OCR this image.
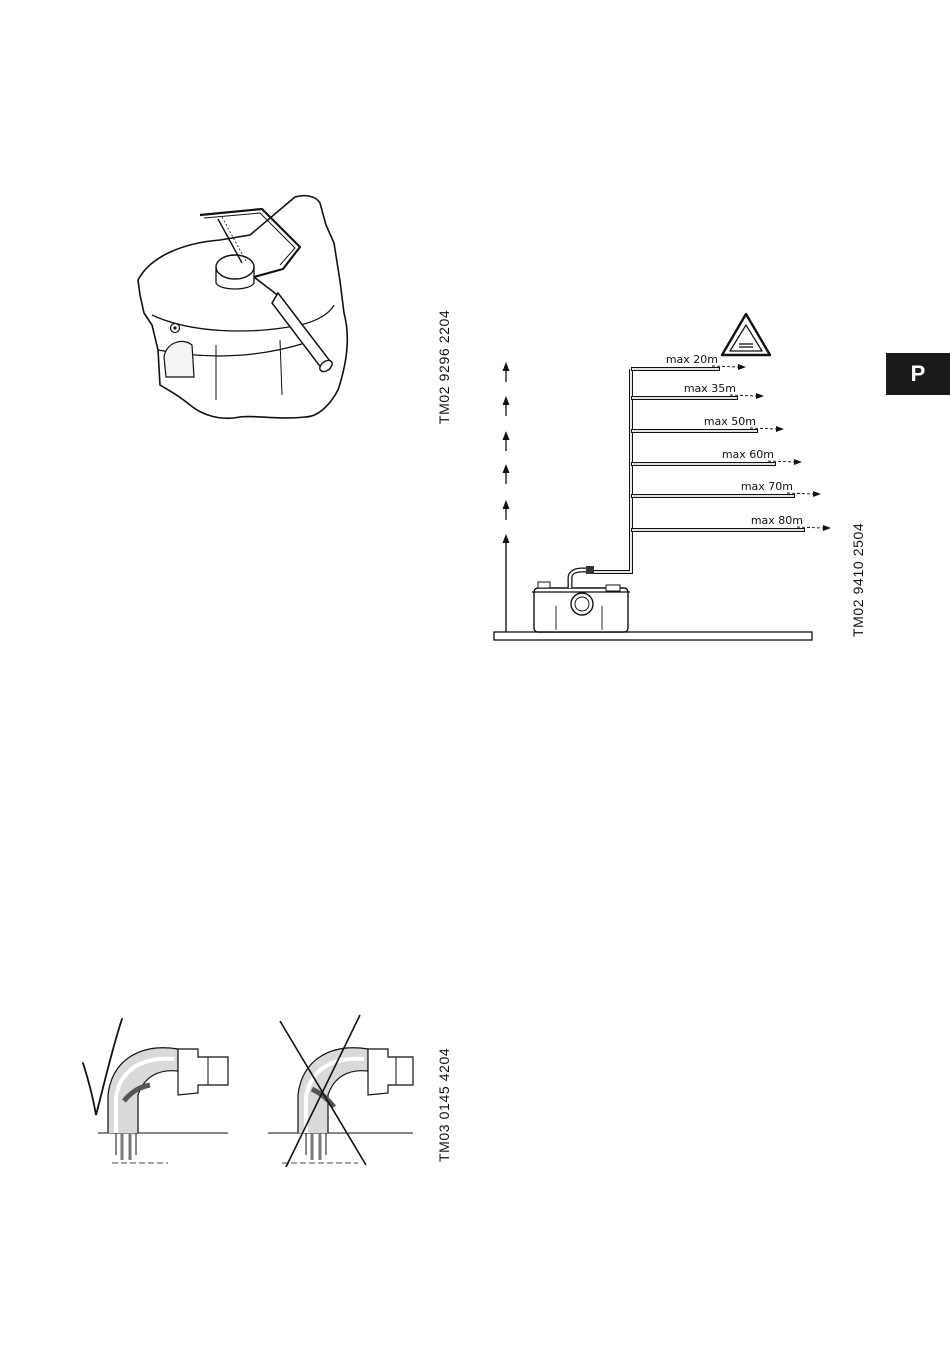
P
TM02 9296 2204	max 20m
max 35m
max 50m
max 60m
max 70m
max 80m
TM02 9410 2504
TM03 0145 4204
